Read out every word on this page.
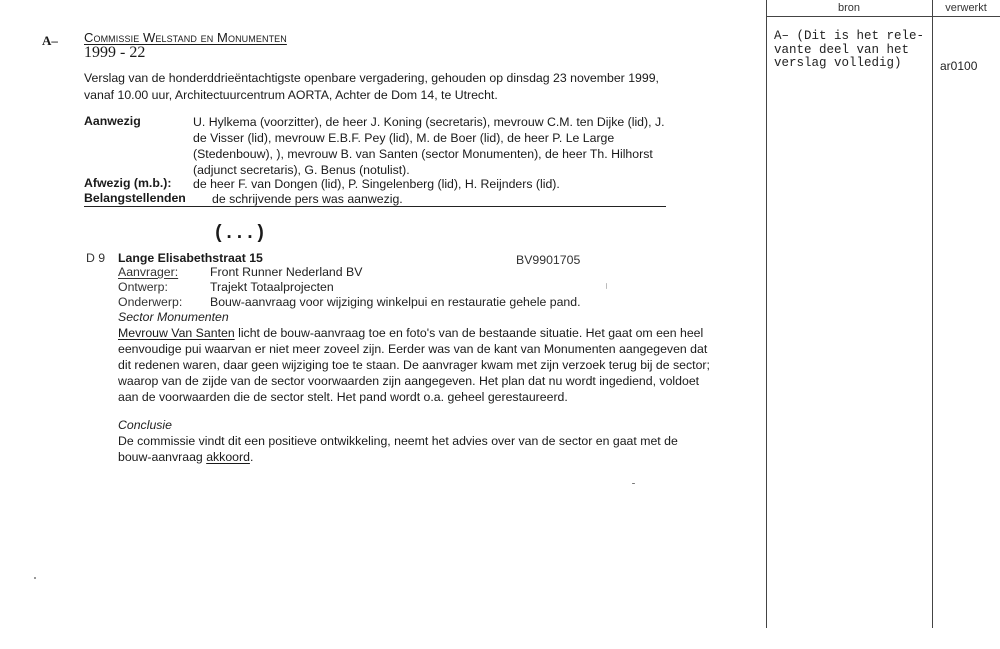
A– Commissie Welstand en Monumenten
1999 - 22
Verslag van de honderddrieëntachtigste openbare vergadering, gehouden op dinsdag 23 november 1999, vanaf 10.00 uur, Architectuurcentrum AORTA, Achter de Dom 14, te Utrecht.
Aanwezig	U. Hylkema (voorzitter), de heer J. Koning (secretaris), mevrouw C.M. ten Dijke (lid), J. de Visser (lid), mevrouw E.B.F. Pey (lid), M. de Boer (lid), de heer P. Le Large (Stedenbouw), ), mevrouw B. van Santen (sector Monumenten), de heer Th. Hilhorst (adjunct secretaris), G. Benus (notulist).
Afwezig (m.b.): de heer F. van Dongen (lid), P. Singelenberg (lid), H. Reijnders (lid).
Belangstellenden de schrijvende pers was aanwezig.
(...)
D 9 Lange Elisabethstraat 15	BV9901705
Aanvrager:	Front Runner Nederland BV
Ontwerp:	Trajekt Totaalprojecten
Onderwerp: Bouw-aanvraag voor wijziging winkelpui en restauratie gehele pand.
Sector Monumenten
Mevrouw Van Santen licht de bouw-aanvraag toe en foto's van de bestaande situatie. Het gaat om een heel eenvoudige pui waarvan er niet meer zoveel zijn. Eerder was van de kant van Monumenten aangegeven dat dit redenen waren, daar geen wijziging toe te staan. De aanvrager kwam met zijn verzoek terug bij de sector; waarop van de zijde van de sector voorwaarden zijn aangegeven. Het plan dat nu wordt ingediend, voldoet aan de voorwaarden die de sector stelt. Het pand wordt o.a. geheel gerestaureerd.
Conclusie
De commissie vindt dit een positieve ontwikkeling, neemt het advies over van de sector en gaat met de bouw-aanvraag akkoord.
bron	verwerkt
A– (Dit is het rele-
vante deel van het
verslag volledig)	ar0100
